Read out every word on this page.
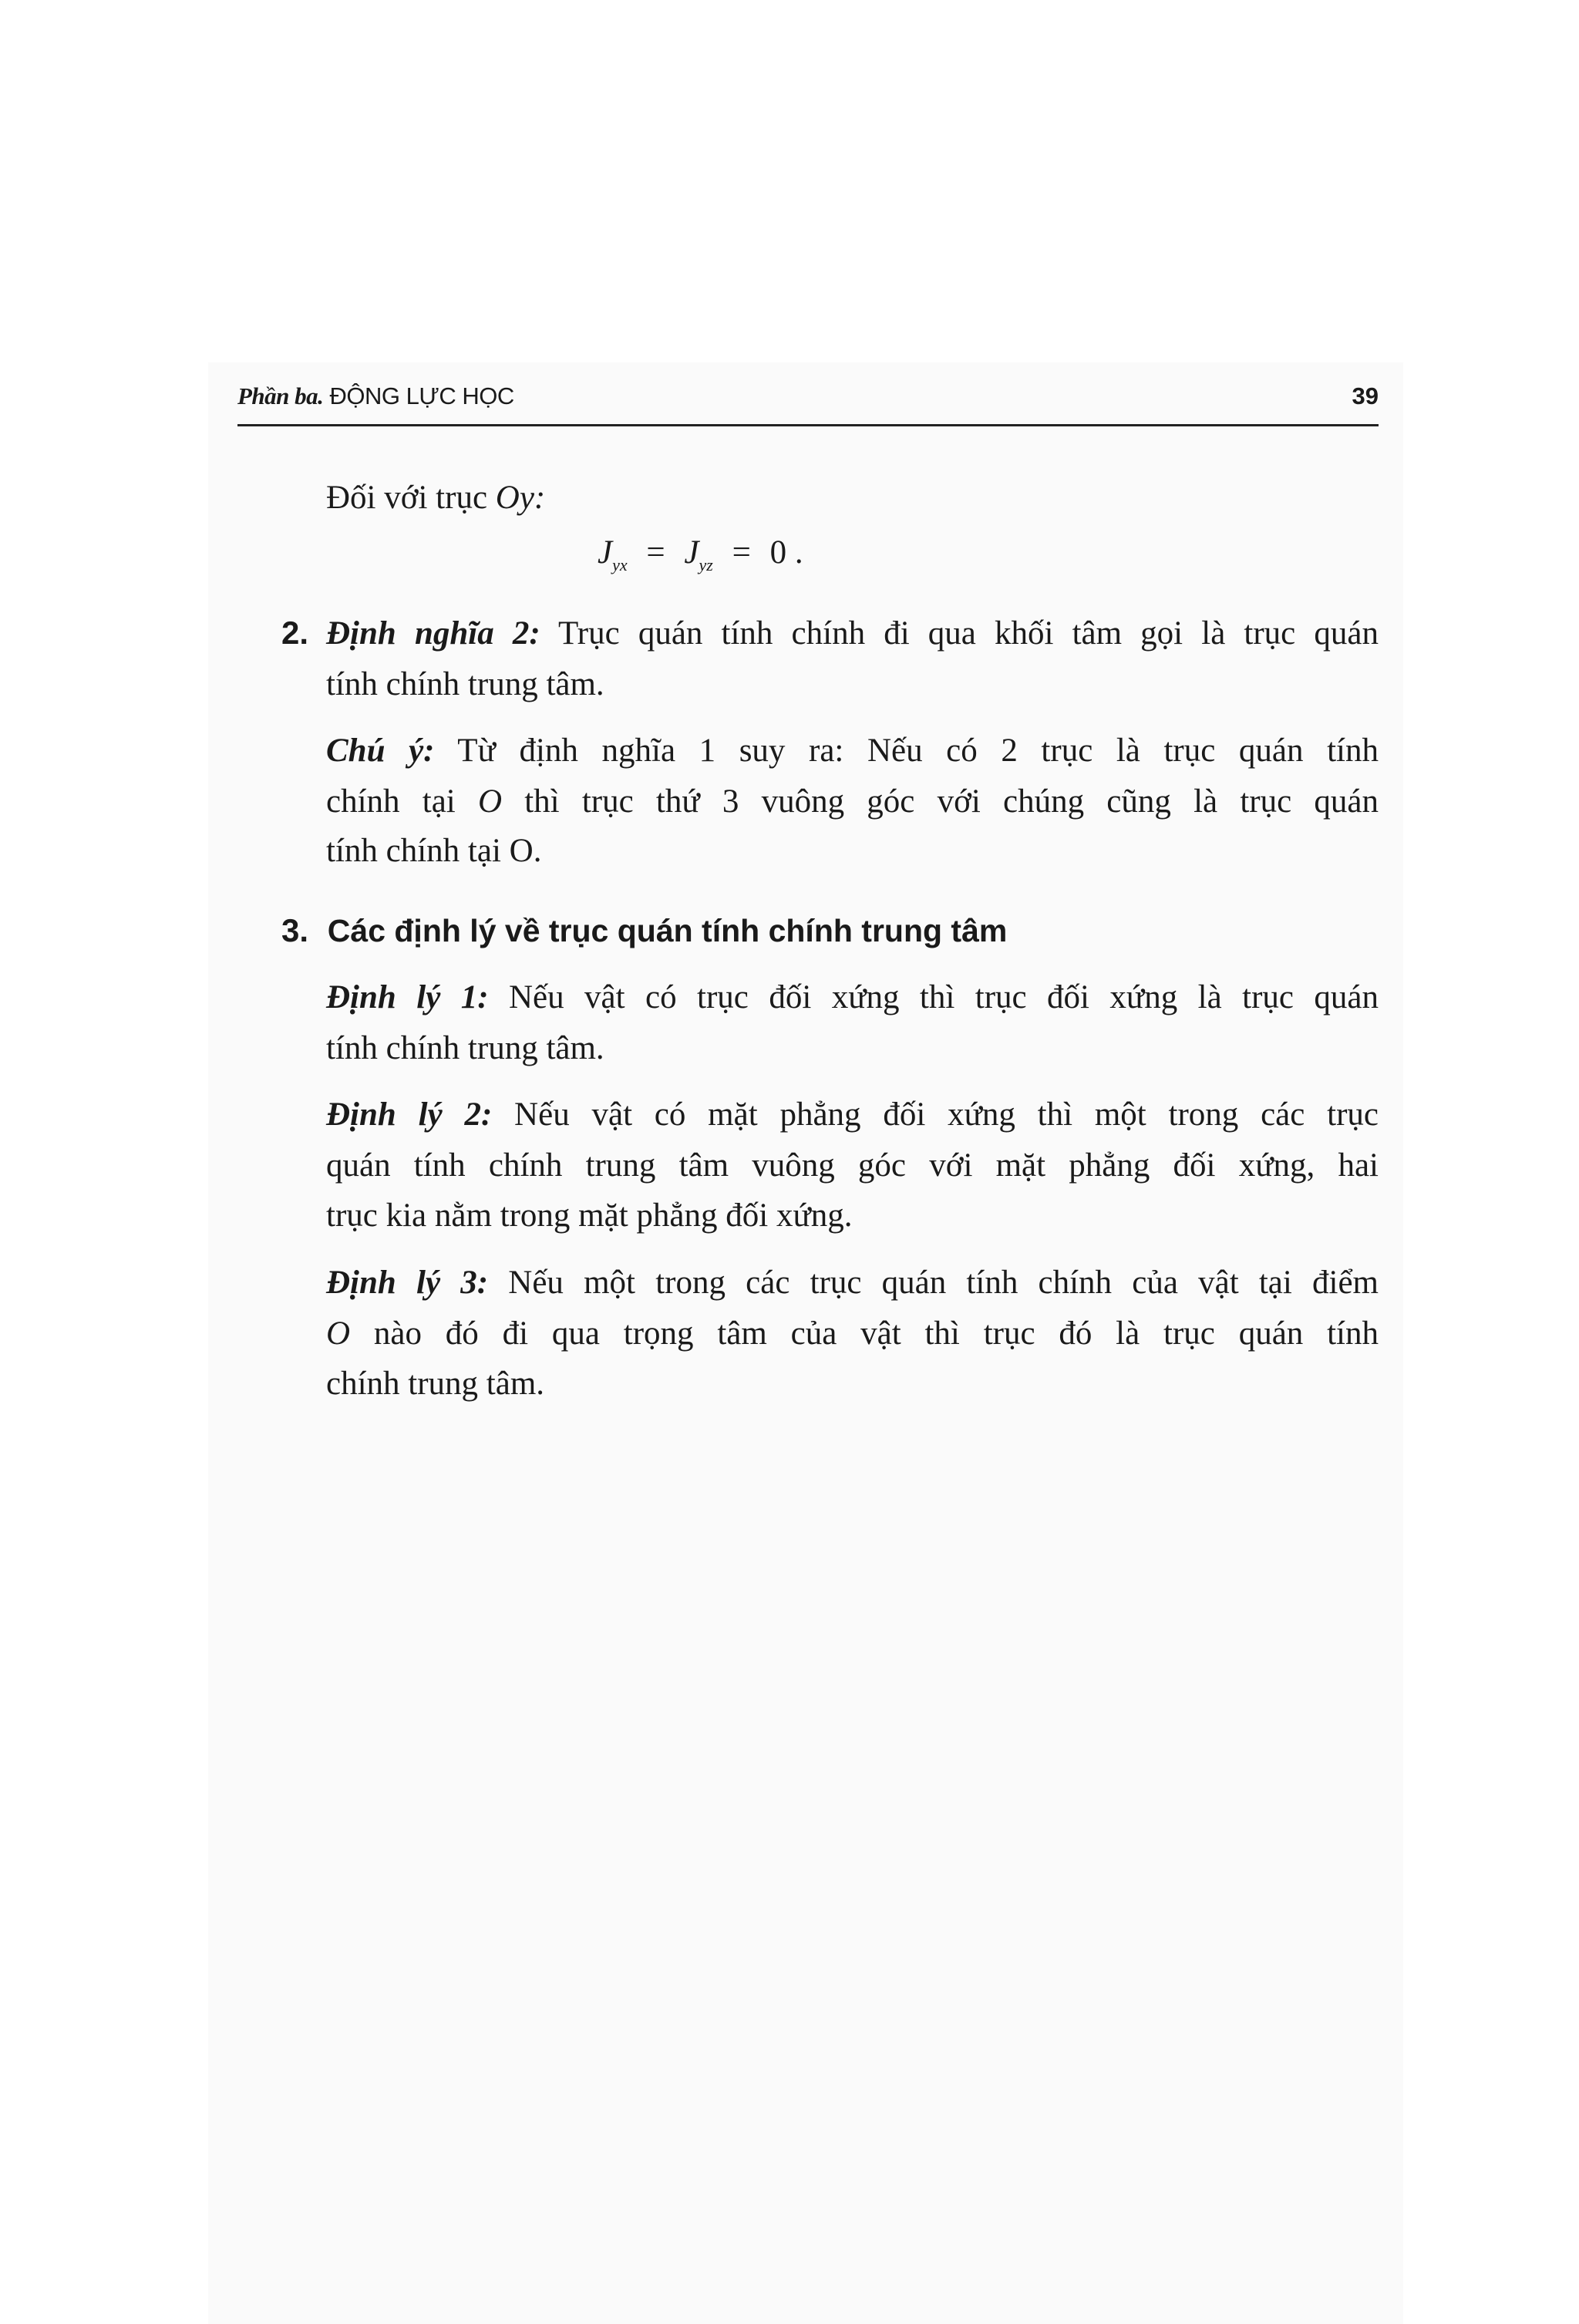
Phần ba. ĐỘNG LỰC HỌC	39
Đối với trục Oy:
$J_{yx} = J_{yz} = 0$ .
2. Định nghĩa 2: Trục quán tính chính đi qua khối tâm gọi là trục quán
tính chính trung tâm.
Chú ý: Từ định nghĩa 1 suy ra: Nếu có 2 trục là trục quán tính
chính tại O thì trục thứ 3 vuông góc với chúng cũng là trục quán
tính chính tại O.
3. Các định lý về trục quán tính chính trung tâm
Định lý 1: Nếu vật có trục đối xứng thì trục đối xứng là trục quán
tính chính trung tâm.
Định lý 2: Nếu vật có mặt phẳng đối xứng thì một trong các trục
quán tính chính trung tâm vuông góc với mặt phẳng đối xứng, hai
trục kia nằm trong mặt phẳng đối xứng.
Định lý 3: Nếu một trong các trục quán tính chính của vật tại điểm
O nào đó đi qua trọng tâm của vật thì trục đó là trục quán tính
chính trung tâm.
